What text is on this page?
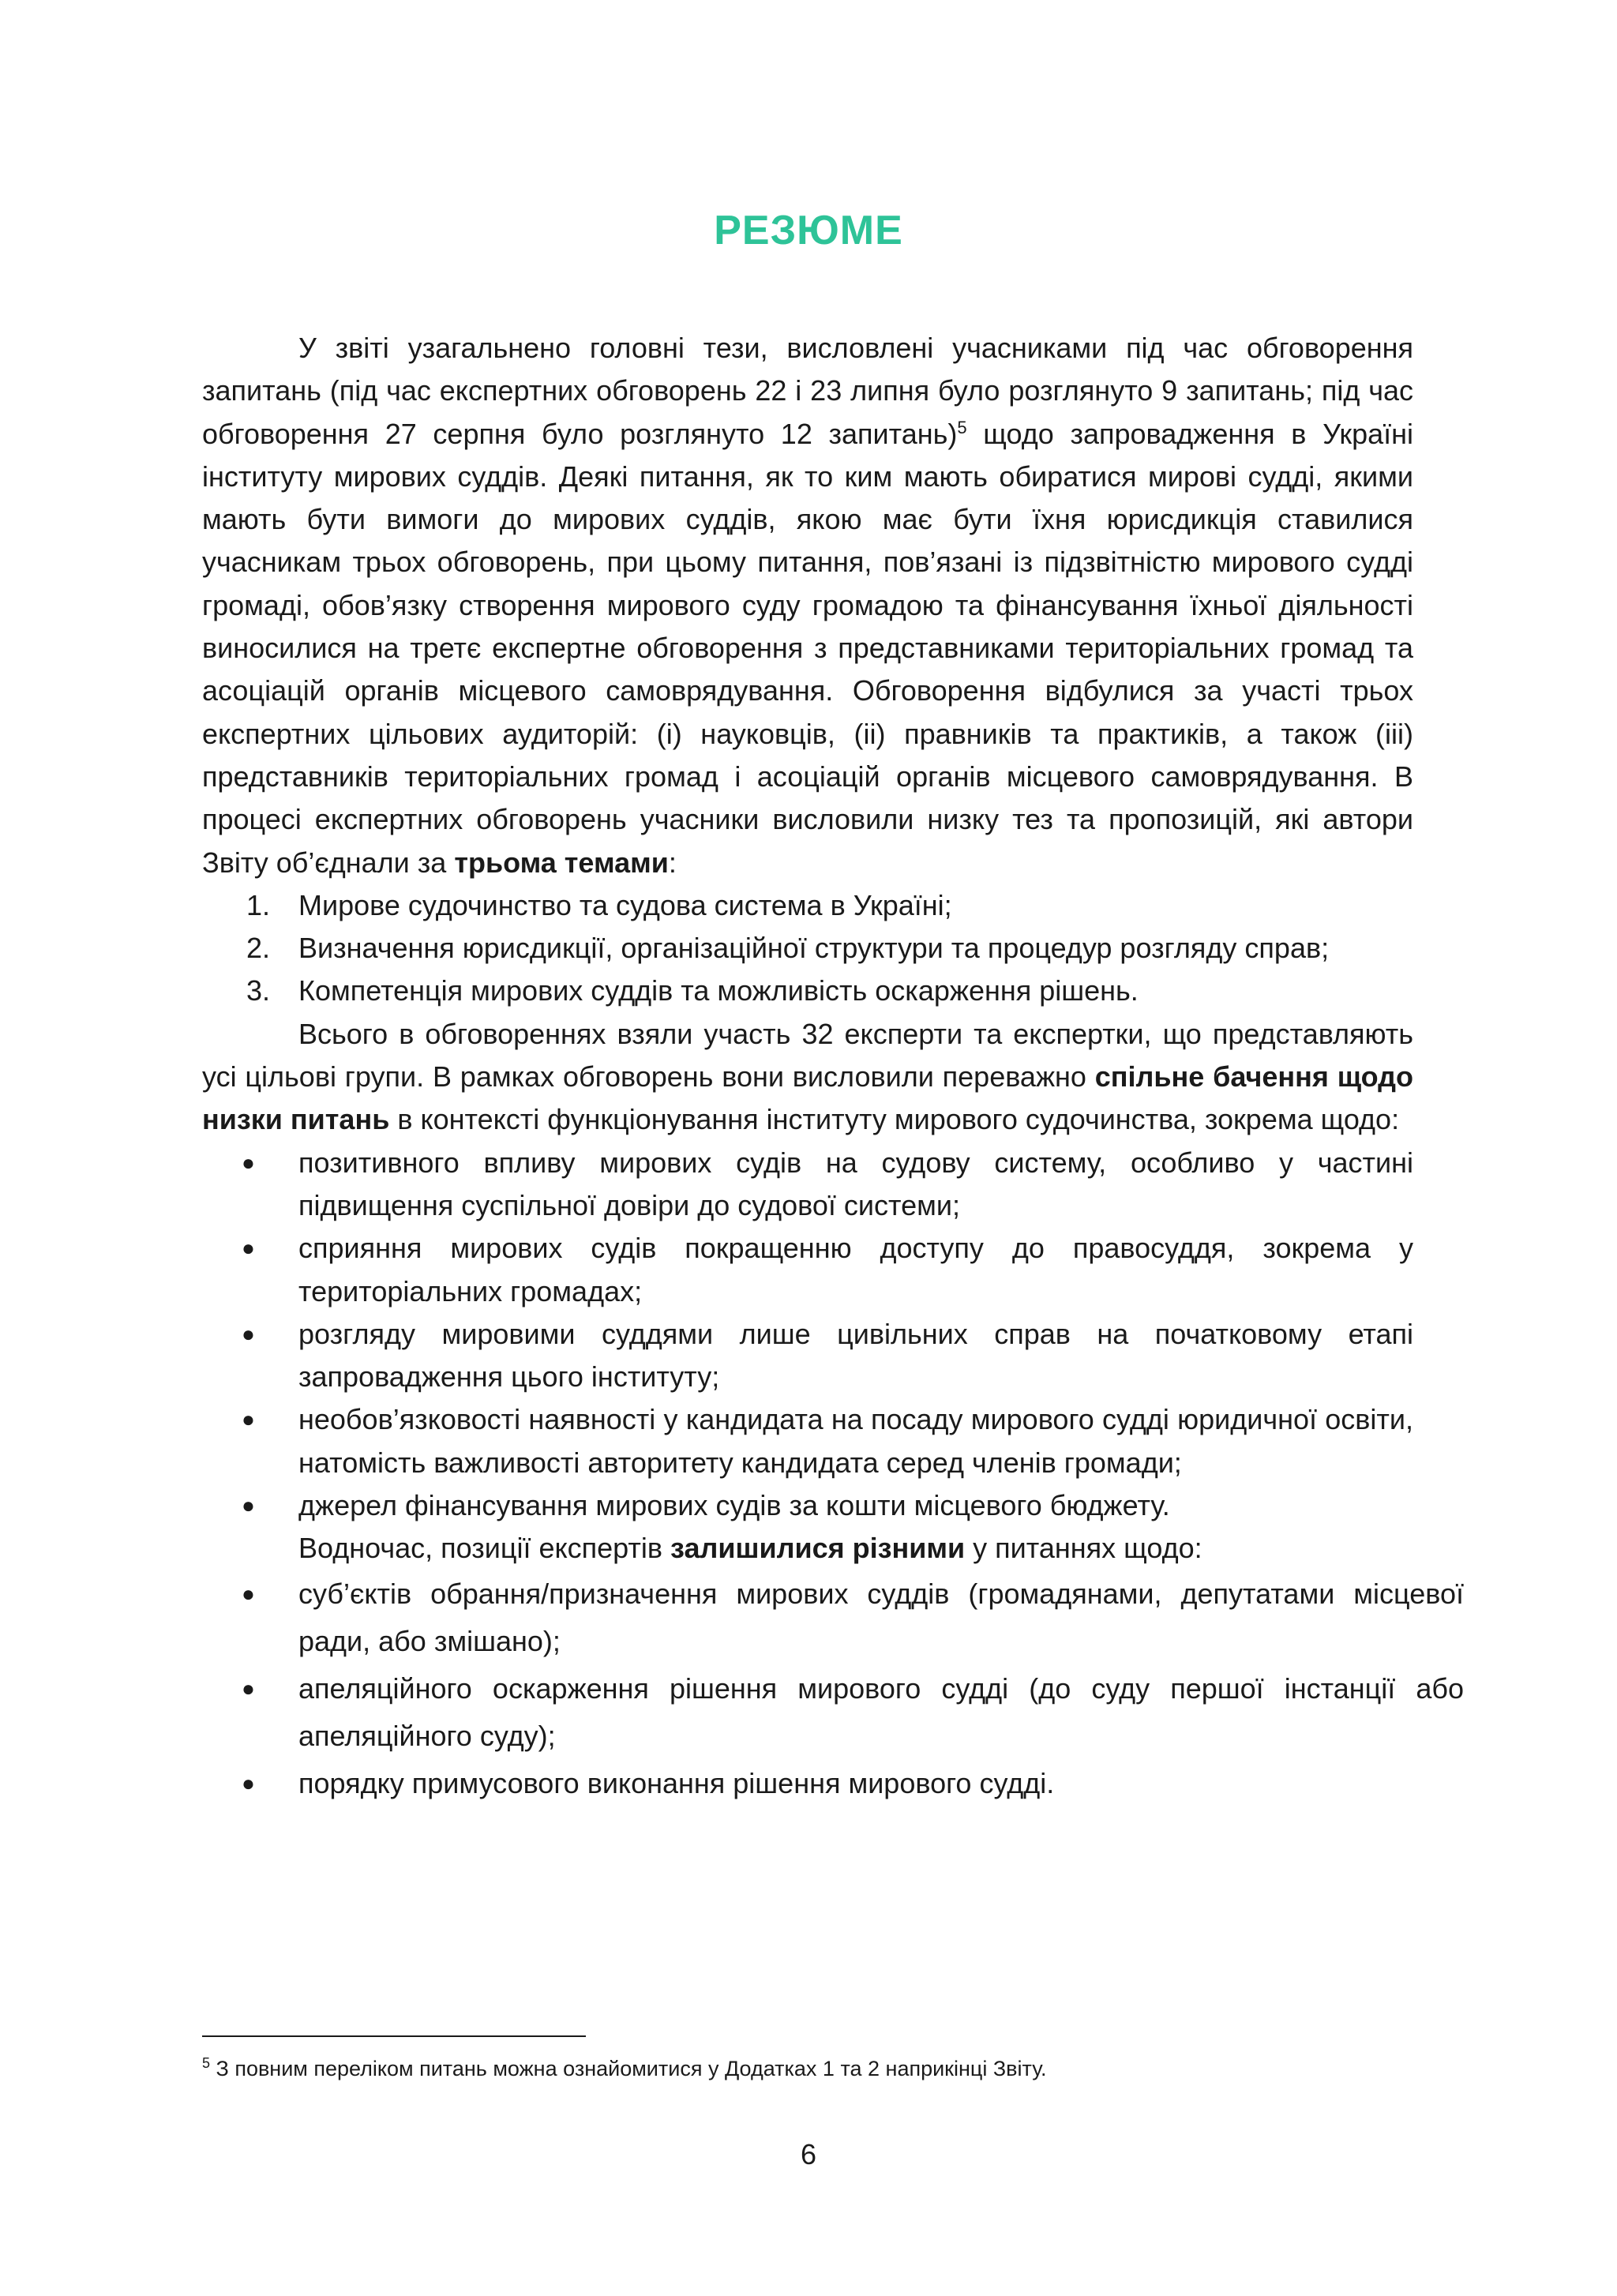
РЕЗЮМЕ

У звіті узагальнено головні тези, висловлені учасниками під час обговорення запитань (під час експертних обговорень 22 і 23 липня було розглянуто 9 запитань; під час обговорення 27 серпня було розглянуто 12 запитань)$^5$ щодо запровадження в Україні інституту мирових суддів. Деякі питання, як то ким мають обиратися мирові судді, якими мають бути вимоги до мирових суддів, якою має бути їхня юрисдикція ставилися учасникам трьох обговорень, при цьому питання, пов’язані із підзвітністю мирового судді громаді, обов’язку створення мирового суду громадою та фінансування їхньої діяльності виносилися на третє експертне обговорення з представниками територіальних громад та асоціацій органів місцевого самоврядування. Обговорення відбулися за участі трьох експертних цільових аудиторій: (і) науковців, (іі) правників та практиків, а також (ііі) представників територіальних громад і асоціацій органів місцевого самоврядування. В процесі експертних обговорень учасники висловили низку тез та пропозицій, які автори Звіту об’єднали за трьома темами:

1. Мирове судочинство та судова система в Україні;
2. Визначення юрисдикції, організаційної структури та процедур розгляду справ;
3. Компетенція мирових суддів та можливість оскарження рішень.

Всього в обговореннях взяли участь 32 експерти та експертки, що представляють усі цільові групи. В рамках обговорень вони висловили переважно спільне бачення щодо низки питань в контексті функціонування інституту мирового судочинства, зокрема щодо:

● позитивного впливу мирових судів на судову систему, особливо у частині підвищення суспільної довіри до судової системи;
● сприяння мирових судів покращенню доступу до правосуддя, зокрема у територіальних громадах;
● розгляду мировими суддями лише цивільних справ на початковому етапі запровадження цього інституту;
● необов’язковості наявності у кандидата на посаду мирового судді юридичної освіти, натомість важливості авторитету кандидата серед членів громади;
● джерел фінансування мирових судів за кошти місцевого бюджету.

Водночас, позиції експертів залишилися різними у питаннях щодо:

● суб’єктів обрання/призначення мирових суддів (громадянами, депутатами місцевої ради, або змішано);
● апеляційного оскарження рішення мирового судді (до суду першої інстанції або апеляційного суду);
● порядку примусового виконання рішення мирового судді.
$^5$ З повним переліком питань можна ознайомитися у Додатках 1 та 2 наприкінці Звіту.
6
